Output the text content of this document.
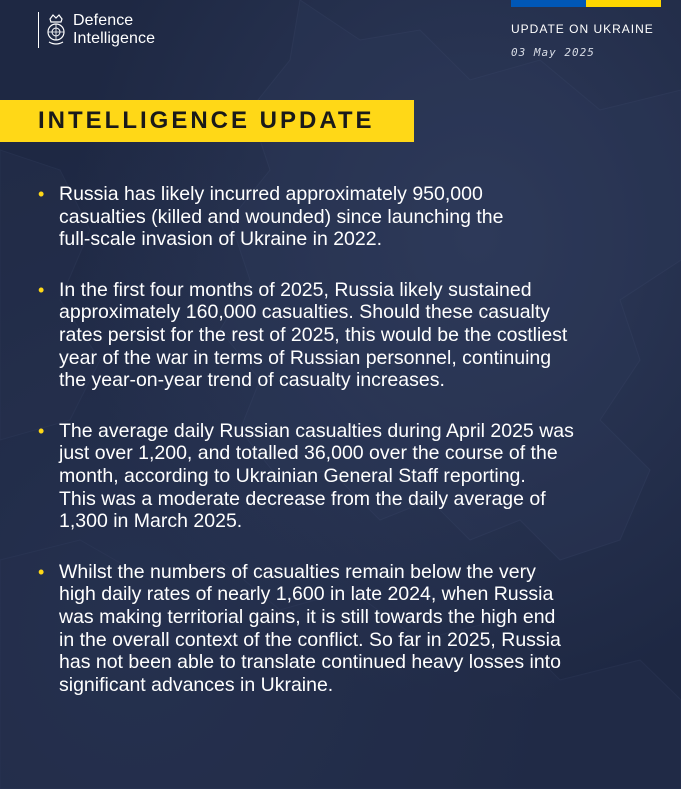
Defence
Intelligence
UPDATE ON UKRAINE
03 May 2025
INTELLIGENCE UPDATE
• Russia has likely incurred approximately 950,000
casualties (killed and wounded) since launching the
full-scale invasion of Ukraine in 2022.
• In the first four months of 2025, Russia likely sustained
approximately 160,000 casualties. Should these casualty
rates persist for the rest of 2025, this would be the costliest
year of the war in terms of Russian personnel, continuing
the year-on-year trend of casualty increases.
• The average daily Russian casualties during April 2025 was
just over 1,200, and totalled 36,000 over the course of the
month, according to Ukrainian General Staff reporting.
This was a moderate decrease from the daily average of
1,300 in March 2025.
• Whilst the numbers of casualties remain below the very
high daily rates of nearly 1,600 in late 2024, when Russia
was making territorial gains, it is still towards the high end
in the overall context of the conflict. So far in 2025, Russia
has not been able to translate continued heavy losses into
significant advances in Ukraine.
